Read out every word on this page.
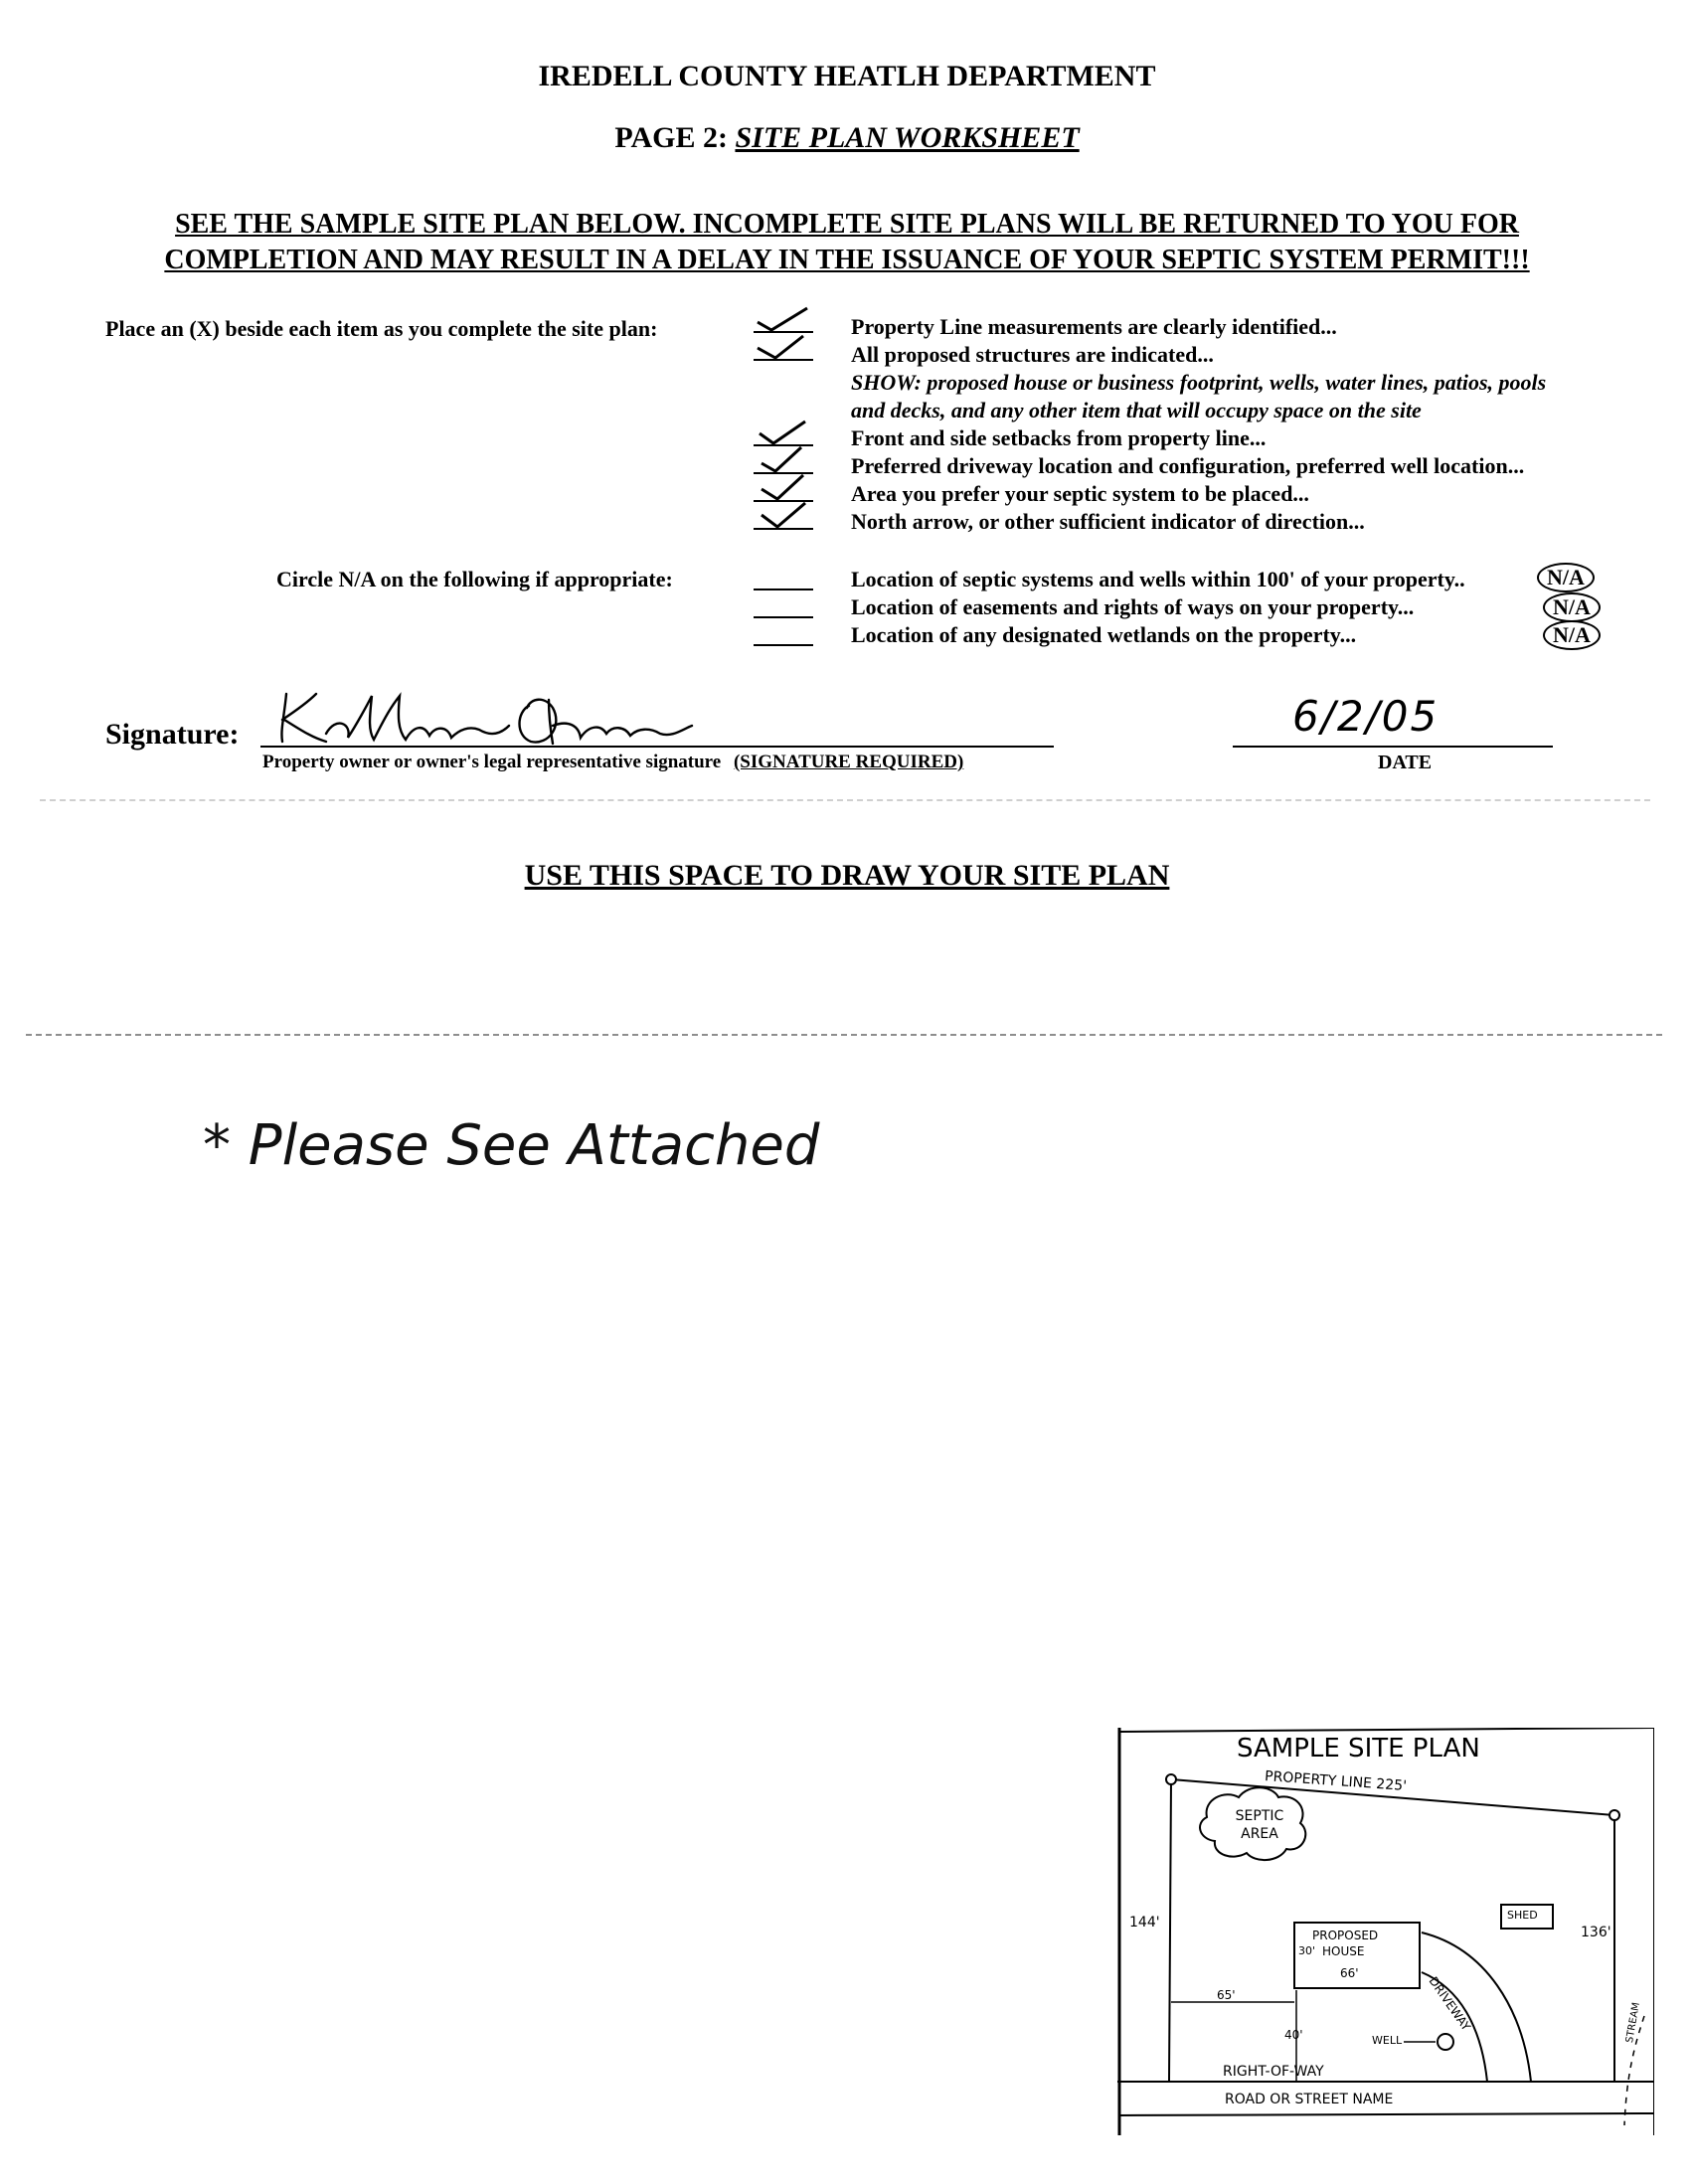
IREDELL COUNTY HEATLH DEPARTMENT
PAGE 2: SITE PLAN WORKSHEET
SEE THE SAMPLE SITE PLAN BELOW. INCOMPLETE SITE PLANS WILL BE RETURNED TO YOU FOR
COMPLETION AND MAY RESULT IN A DELAY IN THE ISSUANCE OF YOUR SEPTIC SYSTEM PERMIT!!!
Place an (X) beside each item as you complete the site plan:	Property Line measurements are clearly identified...
All proposed structures are indicated...
SHOW: proposed house or business footprint, wells, water lines, patios, pools
and decks, and any other item that will occupy space on the site
Front and side setbacks from property line...
Preferred driveway location and configuration, preferred well location...
Area you prefer your septic system to be placed...
North arrow, or other sufficient indicator of direction...
Circle N/A on the following if appropriate:	Location of septic systems and wells within 100' of your property..	N/A
Location of easements and rights of ways on your property...	N/A
Location of any designated wetlands on the property...	N/A
Signature:
Property owner or owner's legal representative signature (SIGNATURE REQUIRED)
6/2/05
DATE
USE THIS SPACE TO DRAW YOUR SITE PLAN
* Please See Attached
SAMPLE SITE PLAN
PROPERTY LINE 225'
SEPTIC AREA
SHED
PROPOSED
HOUSE
66'
30'
144'
136'
65'
40'
DRIVEWAY
WELL
RIGHT-OF-WAY
ROAD OR STREET NAME
STREAM
